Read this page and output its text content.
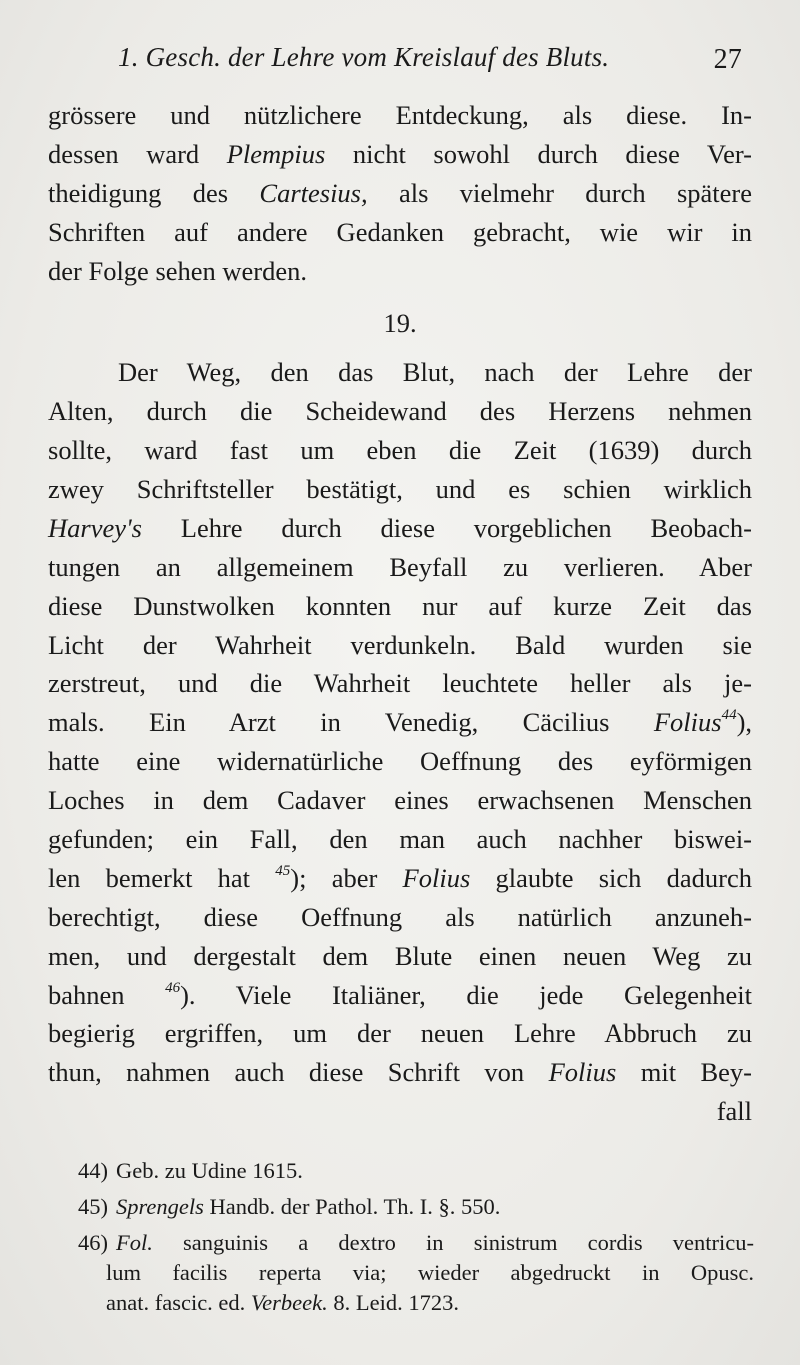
1. Gesch. der Lehre vom Kreislauf des Bluts.	27
grössere und nützlichere Entdeckung, als diese. In-
dessen ward Plempius nicht sowohl durch diese Ver-
theidigung des Cartesius, als vielmehr durch spätere
Schriften auf andere Gedanken gebracht, wie wir in
der Folge sehen werden.
19.
Der Weg, den das Blut, nach der Lehre der
Alten, durch die Scheidewand des Herzens nehmen
sollte, ward fast um eben die Zeit (1639) durch
zwey Schriftsteller bestätigt, und es schien wirklich
Harvey's Lehre durch diese vorgeblichen Beobach-
tungen an allgemeinem Beyfall zu verlieren. Aber
diese Dunstwolken konnten nur auf kurze Zeit das
Licht der Wahrheit verdunkeln. Bald wurden sie
zerstreut, und die Wahrheit leuchtete heller als je-
mals. Ein Arzt in Venedig, Cäcilius Folius$^{44}$),
hatte eine widernatürliche Oeffnung des eyförmigen
Loches in dem Cadaver eines erwachsenen Menschen
gefunden; ein Fall, den man auch nachher biswei-
len bemerkt hat $^{45}$); aber Folius glaubte sich dadurch
berechtigt, diese Oeffnung als natürlich anzuneh-
men, und dergestalt dem Blute einen neuen Weg zu
bahnen	$^{46}$). Viele Italiäner, die jede Gelegenheit
begierig ergriffen, um der neuen Lehre Abbruch zu
thun, nahmen auch diese Schrift von Folius mit Bey-
fall
44) Geb. zu Udine 1615.
45) Sprengels Handb. der Pathol. Th. I. §. 550.
46) Fol. sanguinis a dextro in sinistrum cordis ventricu-
lum facilis reperta via; wieder abgedruckt in Opusc.
anat. fascic. ed. Verbeek. 8. Leid. 1723.
